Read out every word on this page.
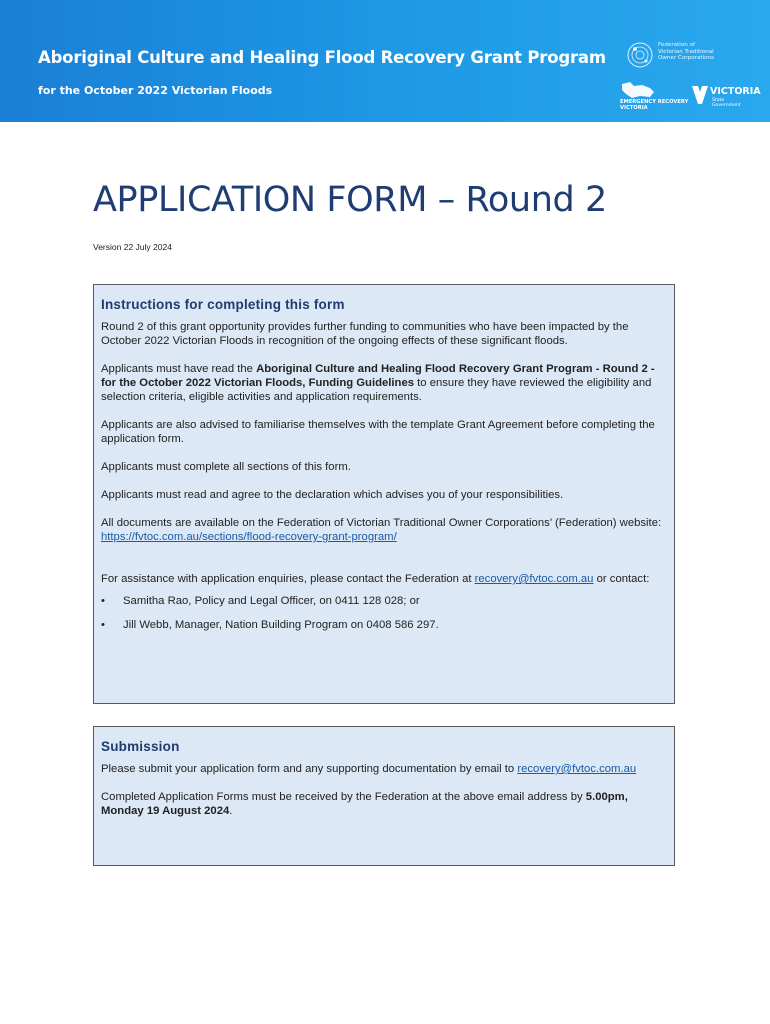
Aboriginal Culture and Healing Flood Recovery Grant Program
for the October 2022 Victorian Floods
Federation of
Victorian Traditional
Owner Corporations
EMERGENCY RECOVERY
VICTORIA
VICTORIA
State
Government
APPLICATION FORM – Round 2
Version 22 July 2024
Instructions for completing this form

Round 2 of this grant opportunity provides further funding to communities who have been impacted by the October 2022 Victorian Floods in recognition of the ongoing effects of these significant floods.

Applicants must have read the Aboriginal Culture and Healing Flood Recovery Grant Program - Round 2 - for the October 2022 Victorian Floods, Funding Guidelines to ensure they have reviewed the eligibility and selection criteria, eligible activities and application requirements.

Applicants are also advised to familiarise themselves with the template Grant Agreement before completing the application form.

Applicants must complete all sections of this form.

Applicants must read and agree to the declaration which advises you of your responsibilities.

All documents are available on the Federation of Victorian Traditional Owner Corporations’ (Federation) website: https://fvtoc.com.au/sections/flood-recovery-grant-program/

For assistance with application enquiries, please contact the Federation at recovery@fvtoc.com.au or contact:

• Samitha Rao, Policy and Legal Officer, on 0411 128 028; or
• Jill Webb, Manager, Nation Building Program on 0408 586 297.
Submission

Please submit your application form and any supporting documentation by email to recovery@fvtoc.com.au

Completed Application Forms must be received by the Federation at the above email address by 5.00pm, Monday 19 August 2024.
